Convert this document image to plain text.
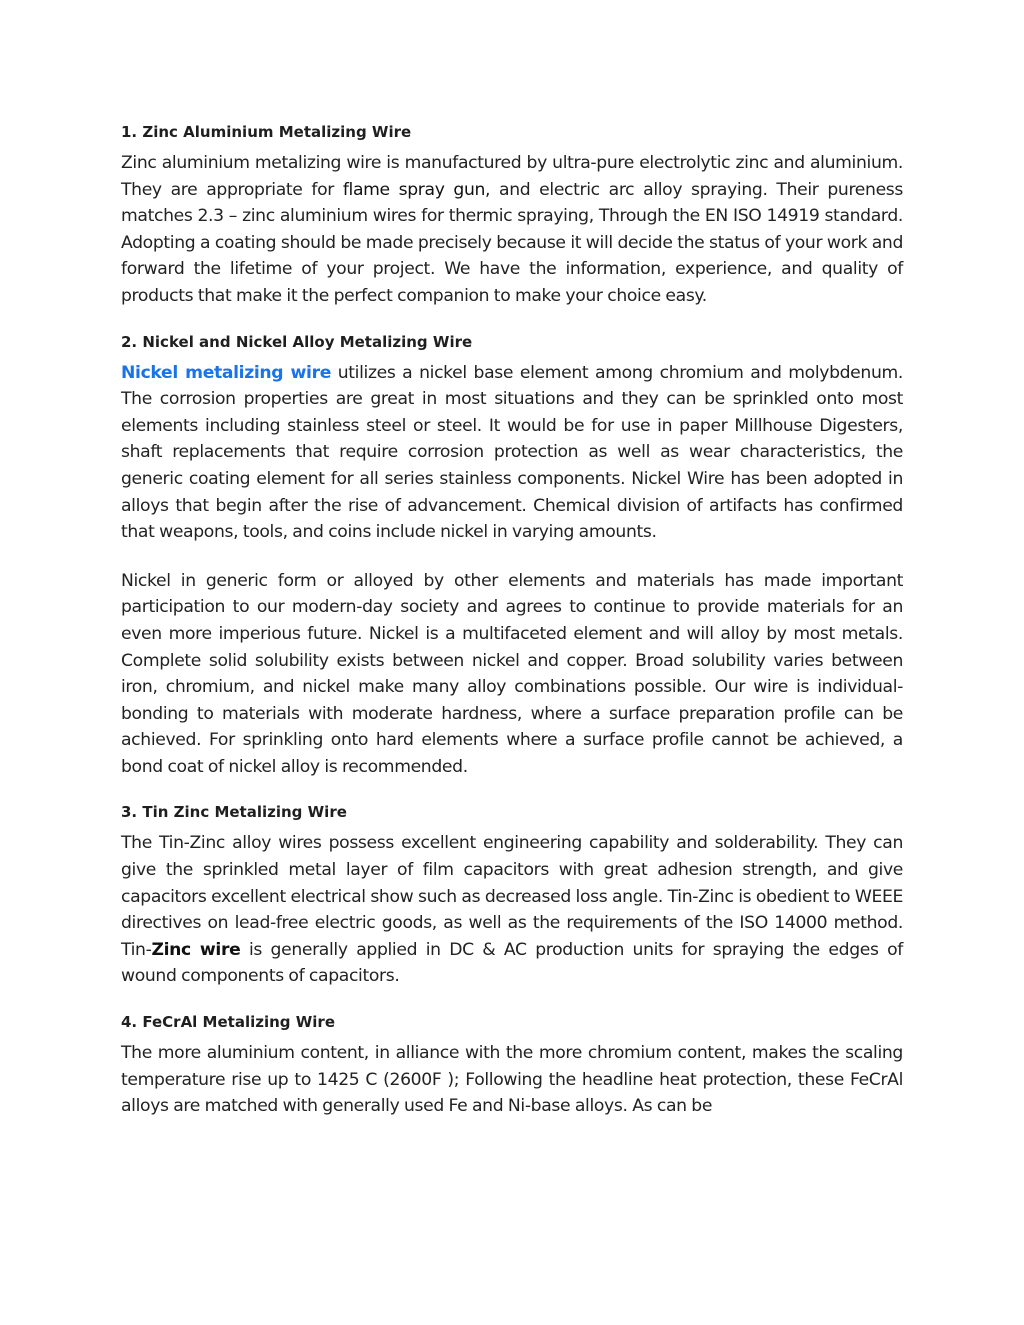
1. Zinc Aluminium Metalizing Wire

Zinc aluminium metalizing wire is manufactured by ultra-pure electrolytic zinc and aluminium. They are appropriate for flame spray gun, and electric arc alloy spraying. Their pureness matches 2.3 – zinc aluminium wires for thermic spraying, Through the EN ISO 14919 standard. Adopting a coating should be made precisely because it will decide the status of your work and forward the lifetime of your project. We have the information, experience, and quality of products that make it the perfect companion to make your choice easy.

2. Nickel and Nickel Alloy Metalizing Wire

Nickel metalizing wire utilizes a nickel base element among chromium and molybdenum. The corrosion properties are great in most situations and they can be sprinkled onto most elements including stainless steel or steel. It would be for use in paper Millhouse Digesters, shaft replacements that require corrosion protection as well as wear characteristics, the generic coating element for all series stainless components. Nickel Wire has been adopted in alloys that begin after the rise of advancement. Chemical division of artifacts has confirmed that weapons, tools, and coins include nickel in varying amounts.

Nickel in generic form or alloyed by other elements and materials has made important participation to our modern-day society and agrees to continue to provide materials for an even more imperious future. Nickel is a multifaceted element and will alloy by most metals. Complete solid solubility exists between nickel and copper. Broad solubility varies between iron, chromium, and nickel make many alloy combinations possible. Our wire is individual-bonding to materials with moderate hardness, where a surface preparation profile can be achieved. For sprinkling onto hard elements where a surface profile cannot be achieved, a bond coat of nickel alloy is recommended.

3. Tin Zinc Metalizing Wire

The Tin-Zinc alloy wires possess excellent engineering capability and solderability. They can give the sprinkled metal layer of film capacitors with great adhesion strength, and give capacitors excellent electrical show such as decreased loss angle. Tin-Zinc is obedient to WEEE directives on lead-free electric goods, as well as the requirements of the ISO 14000 method. Tin-Zinc wire is generally applied in DC & AC production units for spraying the edges of wound components of capacitors.

4. FeCrAl Metalizing Wire

The more aluminium content, in alliance with the more chromium content, makes the scaling temperature rise up to 1425 C (2600F ); Following the headline heat protection, these FeCrAl alloys are matched with generally used Fe and Ni-base alloys. As can be
